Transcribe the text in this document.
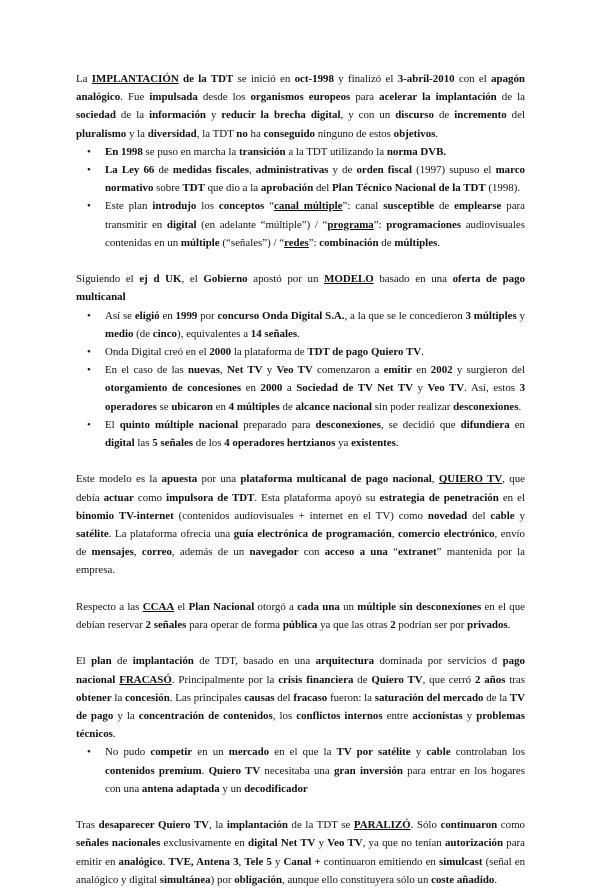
La IMPLANTACIÓN de la TDT se inició en oct-1998 y finalizó el 3-abril-2010 con el apagón analógico. Fue impulsada desde los organismos europeos para acelerar la implantación de la sociedad de la información y reducir la brecha digital, y con un discurso de incremento del pluralismo y la diversidad, la TDT no ha conseguido ninguno de estos objetivos.

• En 1998 se puso en marcha la transición a la TDT utilizando la norma DVB.
• La Ley 66 de medidas fiscales, administrativas y de orden fiscal (1997) supuso el marco normativo sobre TDT que dio a la aprobación del Plan Técnico Nacional de la TDT (1998).
• Este plan introdujo los conceptos “canal múltiple”: canal susceptible de emplearse para transmitir en digital (en adelante “múltiple”) / “programa”: programaciones audiovisuales contenidas en un múltiple (“señales”) / “redes”: combinación de múltiples.

Siguiendo el ej d UK, el Gobierno apostó por un MODELO basado en una oferta de pago multicanal

• Así se eligió en 1999 por concurso Onda Digital S.A., a la que se le concedieron 3 múltiples y medio (de cinco), equivalentes a 14 señales.
• Onda Digital creó en el 2000 la plataforma de TDT de pago Quiero TV.
• En el caso de las nuevas, Net TV y Veo TV comenzaron a emitir en 2002 y surgieron del otorgamiento de concesiones en 2000 a Sociedad de TV Net TV y Veo TV. Así, estos 3 operadores se ubicaron en 4 múltiples de alcance nacional sin poder realizar desconexiones.
• El quinto múltiple nacional preparado para desconexiones, se decidió que difundiera en digital las 5 señales de los 4 operadores hertzianos ya existentes.

Este modelo es la apuesta por una plataforma multicanal de pago nacional, QUIERO TV, que debía actuar como impulsora de TDT. Esta plataforma apoyó su estrategia de penetración en el binomio TV-internet (contenidos audiovisuales + internet en el TV) como novedad del cable y satélite. La plataforma ofrecía una guía electrónica de programación, comercio electrónico, envío de mensajes, correo, además de un navegador con acceso a una “extranet” mantenida por la empresa.

Respecto a las CCAA el Plan Nacional otorgó a cada una un múltiple sin desconexiones en el que debían reservar 2 señales para operar de forma pública ya que las otras 2 podrían ser por privados.

El plan de implantación de TDT, basado en una arquitectura dominada por servicios d pago nacional FRACASÓ. Principalmente por la crisis financiera de Quiero TV, que cerró 2 años tras obtener la concesión. Las principales causas del fracaso fueron: la saturación del mercado de la TV de pago y la concentración de contenidos, los conflictos internos entre accionistas y problemas técnicos.

• No pudo competir en un mercado en el que la TV por satélite y cable controlaban los contenidos premium. Quiero TV necesitaba una gran inversión para entrar en los hogares con una antena adaptada y un decodificador

Tras desaparecer Quiero TV, la implantación de la TDT se PARALIZÓ. Sólo continuaron como señales nacionales exclusivamente en digital Net TV y Veo TV, ya que no tenían autorización para emitir en analógico. TVE, Antena 3, Tele 5 y Canal + continuaron emitiendo en simulcast (señal en analógico y digital simultánea) por obligación, aunque ello constituyera sólo un coste añadido.
